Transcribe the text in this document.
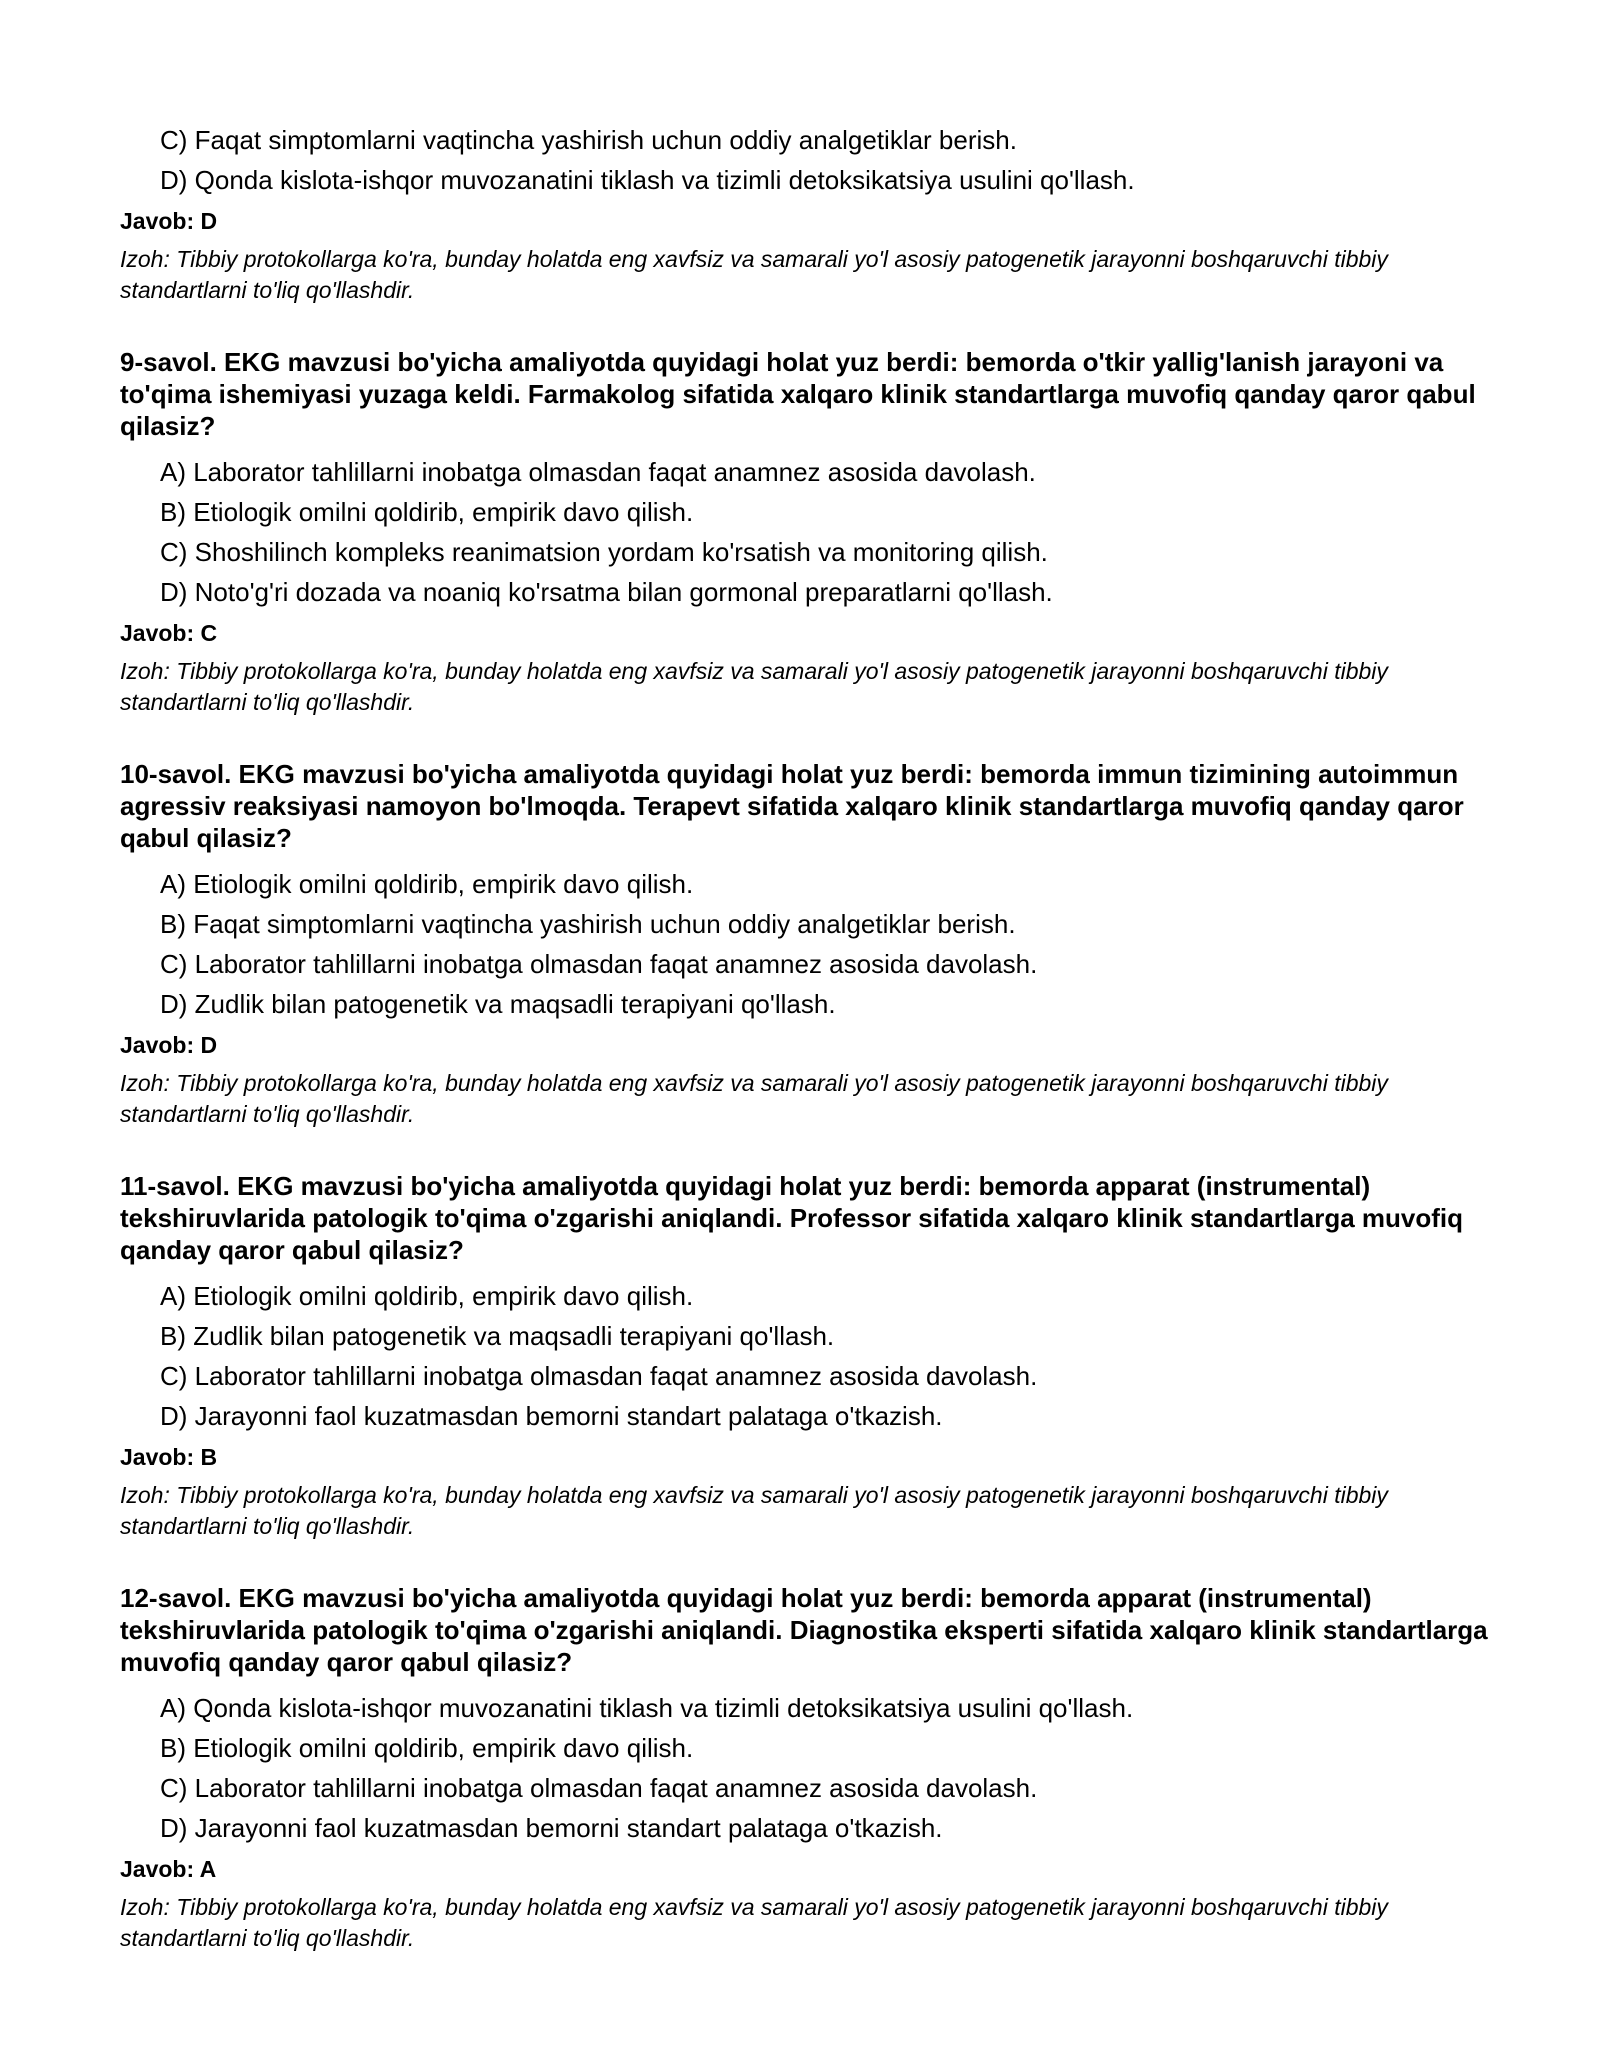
C) Faqat simptomlarni vaqtincha yashirish uchun oddiy analgetiklar berish.
D) Qonda kislota-ishqor muvozanatini tiklash va tizimli detoksikatsiya usulini qo'llash.
Javob: D
Izoh: Tibbiy protokollarga ko'ra, bunday holatda eng xavfsiz va samarali yo'l asosiy patogenetik jarayonni boshqaruvchi tibbiy standartlarni to'liq qo'llashdir.
9-savol. EKG mavzusi bo'yicha amaliyotda quyidagi holat yuz berdi: bemorda o'tkir yallig'lanish jarayoni va to'qima ishemiyasi yuzaga keldi. Farmakolog sifatida xalqaro klinik standartlarga muvofiq qanday qaror qabul qilasiz?
A) Laborator tahlillarni inobatga olmasdan faqat anamnez asosida davolash.
B) Etiologik omilni qoldirib, empirik davo qilish.
C) Shoshilinch kompleks reanimatsion yordam ko'rsatish va monitoring qilish.
D) Noto'g'ri dozada va noaniq ko'rsatma bilan gormonal preparatlarni qo'llash.
Javob: C
Izoh: Tibbiy protokollarga ko'ra, bunday holatda eng xavfsiz va samarali yo'l asosiy patogenetik jarayonni boshqaruvchi tibbiy standartlarni to'liq qo'llashdir.
10-savol. EKG mavzusi bo'yicha amaliyotda quyidagi holat yuz berdi: bemorda immun tizimining autoimmun agressiv reaksiyasi namoyon bo'lmoqda. Terapevt sifatida xalqaro klinik standartlarga muvofiq qanday qaror qabul qilasiz?
A) Etiologik omilni qoldirib, empirik davo qilish.
B) Faqat simptomlarni vaqtincha yashirish uchun oddiy analgetiklar berish.
C) Laborator tahlillarni inobatga olmasdan faqat anamnez asosida davolash.
D) Zudlik bilan patogenetik va maqsadli terapiyani qo'llash.
Javob: D
Izoh: Tibbiy protokollarga ko'ra, bunday holatda eng xavfsiz va samarali yo'l asosiy patogenetik jarayonni boshqaruvchi tibbiy standartlarni to'liq qo'llashdir.
11-savol. EKG mavzusi bo'yicha amaliyotda quyidagi holat yuz berdi: bemorda apparat (instrumental) tekshiruvlarida patologik to'qima o'zgarishi aniqlandi. Professor sifatida xalqaro klinik standartlarga muvofiq qanday qaror qabul qilasiz?
A) Etiologik omilni qoldirib, empirik davo qilish.
B) Zudlik bilan patogenetik va maqsadli terapiyani qo'llash.
C) Laborator tahlillarni inobatga olmasdan faqat anamnez asosida davolash.
D) Jarayonni faol kuzatmasdan bemorni standart palataga o'tkazish.
Javob: B
Izoh: Tibbiy protokollarga ko'ra, bunday holatda eng xavfsiz va samarali yo'l asosiy patogenetik jarayonni boshqaruvchi tibbiy standartlarni to'liq qo'llashdir.
12-savol. EKG mavzusi bo'yicha amaliyotda quyidagi holat yuz berdi: bemorda apparat (instrumental) tekshiruvlarida patologik to'qima o'zgarishi aniqlandi. Diagnostika eksperti sifatida xalqaro klinik standartlarga muvofiq qanday qaror qabul qilasiz?
A) Qonda kislota-ishqor muvozanatini tiklash va tizimli detoksikatsiya usulini qo'llash.
B) Etiologik omilni qoldirib, empirik davo qilish.
C) Laborator tahlillarni inobatga olmasdan faqat anamnez asosida davolash.
D) Jarayonni faol kuzatmasdan bemorni standart palataga o'tkazish.
Javob: A
Izoh: Tibbiy protokollarga ko'ra, bunday holatda eng xavfsiz va samarali yo'l asosiy patogenetik jarayonni boshqaruvchi tibbiy standartlarni to'liq qo'llashdir.
